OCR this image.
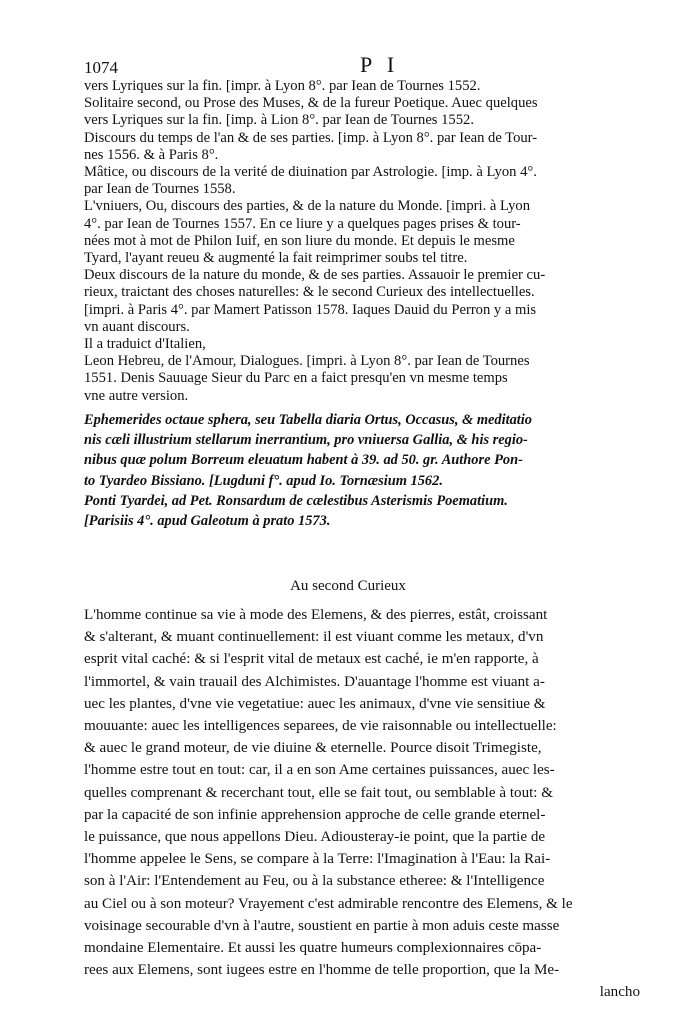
1074	P I
vers Lyriques sur la fin. [impr. à Lyon 8°. par Iean de Tournes 1552.
Solitaire second, ou Prose des Muses, & de la fureur Poetique. Auec quelques
vers Lyriques sur la fin. [imp. à Lion 8°. par Iean de Tournes 1552.
Discours du temps de l'an & de ses parties. [imp. à Lyon 8°. par Iean de Tour-
nes 1556. & à Paris 8°.
Mâtice, ou discours de la verité de diuination par Astrologie. [imp. à Lyon 4°.
par Iean de Tournes 1558.
L'vniuers, Ou, discours des parties, & de la nature du Monde. [impri. à Lyon
4°. par Iean de Tournes 1557. En ce liure y a quelques pages prises & tour-
nées mot à mot de Philon Iuif, en son liure du monde. Et depuis le mesme
Tyard, l'ayant reueu & augmenté la fait reimprimer soubs tel titre.
Deux discours de la nature du monde, & de ses parties. Assauoir le premier cu-
rieux, traictant des choses naturelles: & le second Curieux des intellectuelles.
[impri. à Paris 4°. par Mamert Patisson 1578. Iaques Dauid du Perron y a mis
vn auant discours.
Il a traduict d'Italien,
Leon Hebreu, de l'Amour, Dialogues. [impri. à Lyon 8°. par Iean de Tournes
1551. Denis Sauuage Sieur du Parc en a faict presqu'en vn mesme temps
vne autre version.
Ephemerides octaue sphera, seu Tabella diaria Ortus, Occasus, & meditatio
nis cæli illustrium stellarum inerrantium, pro vniuersa Gallia, & his regio-
nibus quæ polum Borreum eleuatum habent à 39. ad 50. gr. Authore Pon-
to Tyardeo Bissiano. [Lugduni f°. apud Io. Tornæsium 1562.
Ponti Tyardei, ad Pet. Ronsardum de cælestibus Asterismis Poematium.
[Parisiis 4°. apud Galeotum à prato 1573.
Au second Curieux
L'homme continue sa vie à mode des Elemens, & des pierres, estât, croissant
& s'alterant, & muant continuellement: il est viuant comme les metaux, d'vn
esprit vital caché: & si l'esprit vital de metaux est caché, ie m'en rapporte, à
l'immortel, & vain trauail des Alchimistes. D'auantage l'homme est viuant a-
uec les plantes, d'vne vie vegetatiue: auec les animaux, d'vne vie sensitiue &
mouuante: auec les intelligences separees, de vie raisonnable ou intellectuelle:
& auec le grand moteur, de vie diuine & eternelle. Pource disoit Trimegiste,
l'homme estre tout en tout: car, il a en son Ame certaines puissances, auec les-
quelles comprenant & recerchant tout, elle se fait tout, ou semblable à tout: &
par la capacité de son infinie apprehension approche de celle grande eternel-
le puissance, que nous appellons Dieu. Adiousteray-ie point, que la partie de
l'homme appelee le Sens, se compare à la Terre: l'Imagination à l'Eau: la Rai-
son à l'Air: l'Entendement au Feu, ou à la substance etheree: & l'Intelligence
au Ciel ou à son moteur? Vrayement c'est admirable rencontre des Elemens, & le
voisinage secourable d'vn à l'autre, soustient en partie à mon aduis ceste masse
mondaine Elementaire. Et aussi les quatre humeurs complexionnaires cōpa-
rees aux Elemens, sont iugees estre en l'homme de telle proportion, que la Me-
lancho
